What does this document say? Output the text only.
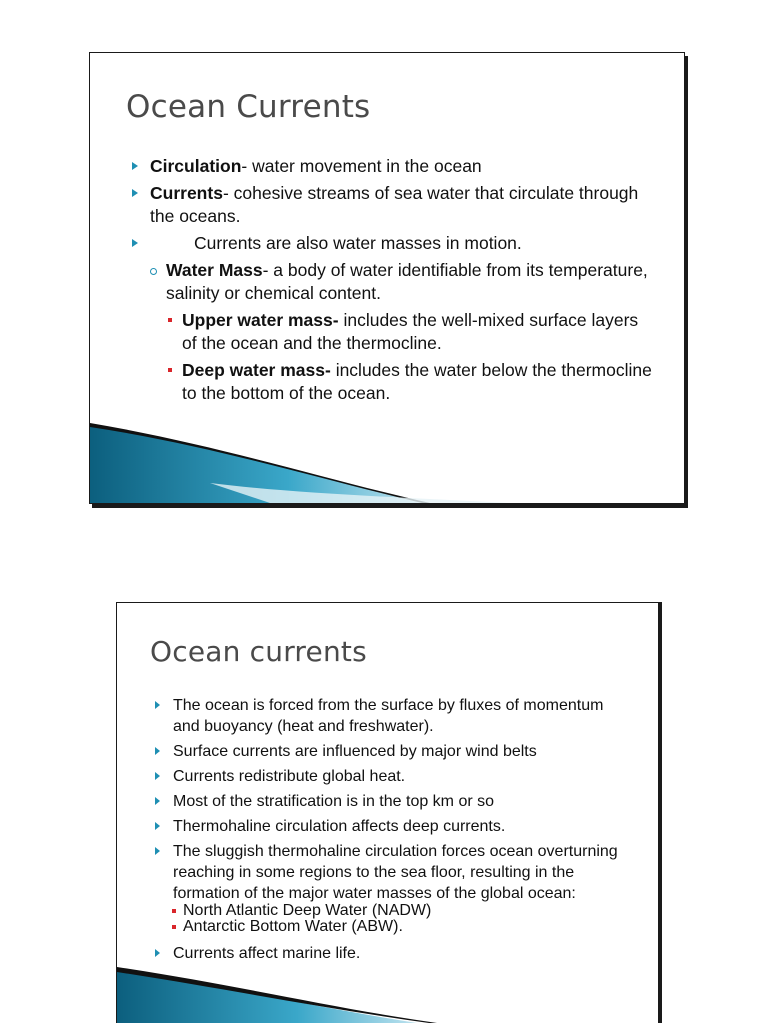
Ocean Currents
Circulation- water movement in the ocean
Currents- cohesive streams of sea water that circulate through the oceans.
Currents are also water masses in motion.
Water Mass- a body of water identifiable from its temperature, salinity or chemical content.
Upper water mass- includes the well-mixed surface layers of the ocean and the thermocline.
Deep water mass- includes the water below the thermocline to the bottom of the ocean.
Ocean currents
The ocean is forced from the surface by fluxes of momentum and buoyancy (heat and freshwater).
Surface currents are influenced by major wind belts
Currents redistribute global heat.
Most of the stratification is in the top km or so
Thermohaline circulation affects deep currents.
The sluggish thermohaline circulation forces ocean overturning reaching in some regions to the sea floor, resulting in the formation of the major water masses of the global ocean:
North Atlantic Deep Water (NADW)
Antarctic Bottom Water (ABW).
Currents affect marine life.
